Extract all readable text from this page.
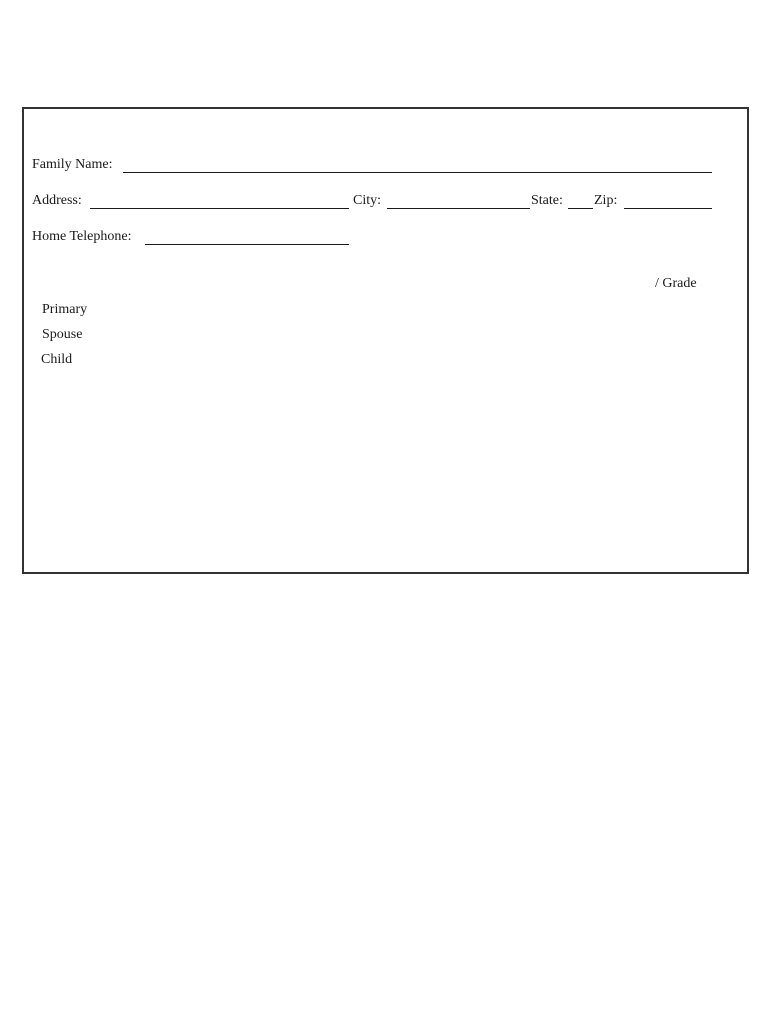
Family Name:
Address:	City:	State: Zip:
Home Telephone:
/ Grade
Primary
Spouse
Child
